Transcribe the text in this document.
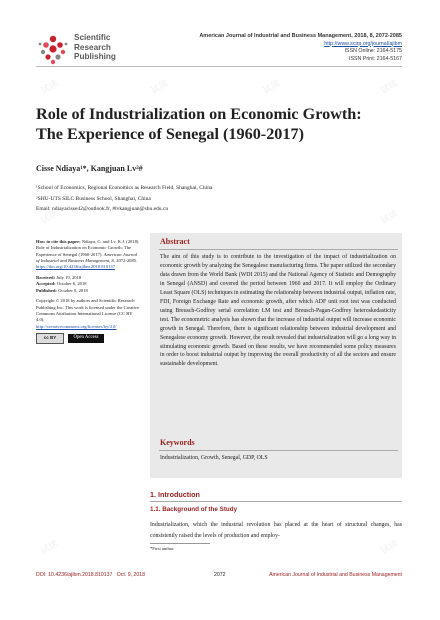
试读	试读	试读	试读
试读	试读
试读	试读
Scientific
Research
Publishing
American Journal of Industrial and Business Management, 2018, 8, 2072-2085
http://www.scirp.org/journal/ajibm
ISSN Online: 2164-5175
ISSN Print: 2164-5167
Role of Industrialization on Economic Growth:
The Experience of Senegal (1960-2017)
Cisse Ndiaya¹*, Kangjuan Lv²#
¹School of Economics, Regional Economics as Research Field, Shanghai, China
²SHU-UTS SILC Business School, Shanghai, China
Email: ndiayacisse42@outlook.fr, #lvkangjuan@shu.edu.cn
How to cite this paper: Ndiaya, C. and Lv, K.J. (2018) Role of Industrialization on Economic Growth: The Experience of Senegal (1960-2017). American Journal of Industrial and Business Management, 8, 2072-2085.
https://doi.org/10.4236/ajibm.2018.810137
Received: July 19, 2018
Accepted: October 6, 2018
Published: October 9, 2018
Copyright © 2018 by authors and Scientific Research Publishing Inc. This work is licensed under the Creative Commons Attribution International License (CC BY 4.0).
http://creativecommons.org/licenses/by/4.0/
cc BY	Open Access
Abstract
The aim of this study is to contribute to the investigation of the impact of industrialization on economic growth by analyzing the Senegalese manufacturing firms. The paper utilized the secondary data drawn from the World Bank (WDI 2015) and the National Agency of Statistic and Demography in Senegal (ANSD) and covered the period between 1960 and 2017. It will employ the Ordinary Least Square (OLS) techniques in estimating the relationship between industrial output, inflation rate, FDI, Foreign Exchange Rate and economic growth, after which ADF unit root test was conducted using Breusch-Godfrey serial correlation LM test and Breusch-Pagan-Godfrey heteroskedasticity test. The econometric analysis has shown that the increase of industrial output will increase economic growth in Senegal. Therefore, there is significant relationship between industrial development and Senegalese economy growth. However, the result revealed that industrialization will go a long way in stimulating economic growth. Based on these results, we have recommended some policy measures in order to boost industrial output by improving the overall productivity of all the sectors and ensure sustainable development.
Keywords
Industrialization, Growth, Senegal, GDP, OLS
1. Introduction
1.1. Background of the Study
Industrialization, which the industrial revolution has placed at the heart of structural changes, has consistently raised the levels of production and employ-
*First author.
DOI: 10.4236/ajibm.2018.810137 Oct. 9, 2018	2072	American Journal of Industrial and Business Management
